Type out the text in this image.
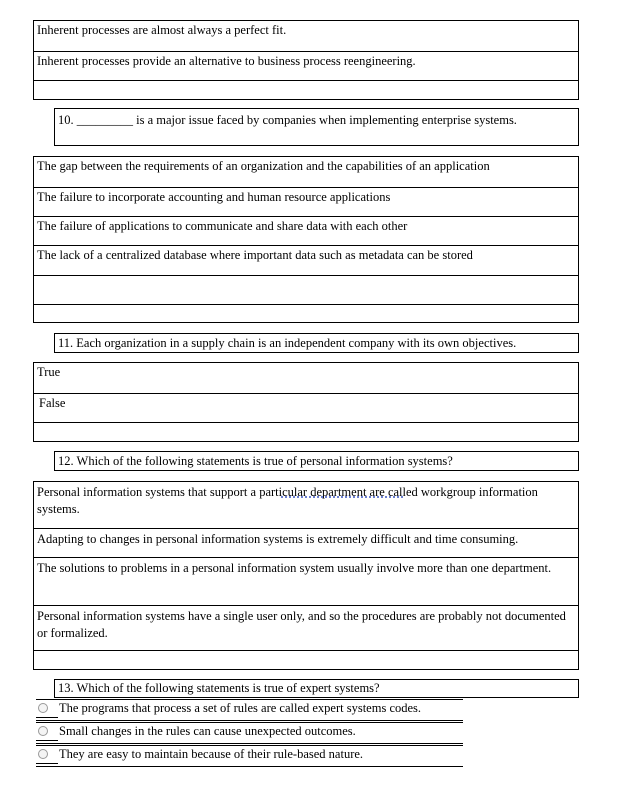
Inherent processes are almost always a perfect fit.
Inherent processes provide an alternative to business process reengineering.
10. _________ is a major issue faced by companies when implementing enterprise systems.
The gap between the requirements of an organization and the capabilities of an application
The failure to incorporate accounting and human resource applications
The failure of applications to communicate and share data with each other
The lack of a centralized database where important data such as metadata can be stored
11. Each organization in a supply chain is an independent company with its own objectives.
True
False
12. Which of the following statements is true of personal information systems?
Personal information systems that support a particular department are called workgroup information systems.
Adapting to changes in personal information systems is extremely difficult and time consuming.
The solutions to problems in a personal information system usually involve more than one department.
Personal information systems have a single user only, and so the procedures are probably not documented or formalized.
13. Which of the following statements is true of expert systems?
The programs that process a set of rules are called expert systems codes.
Small changes in the rules can cause unexpected outcomes.
They are easy to maintain because of their rule-based nature.
